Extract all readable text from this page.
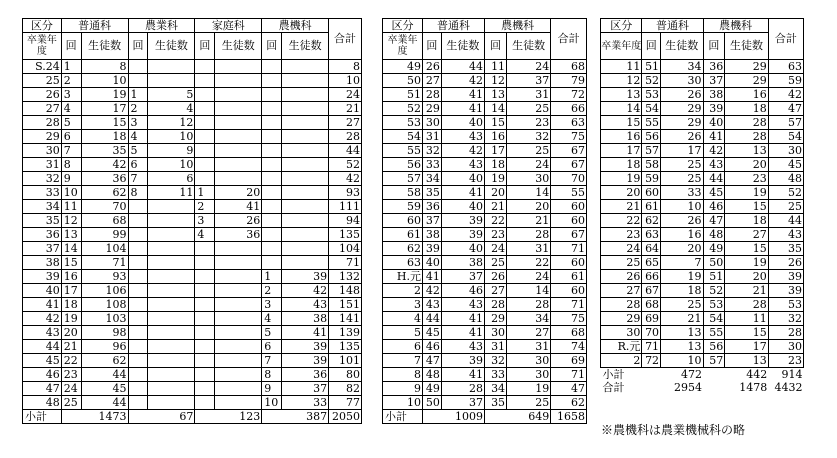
区分	普通科		農業科		家庭科		農機科		合計
卒業年度	回	生徒数	回	生徒数	回	生徒数	回	生徒数	
S.24	1	8							8
25	2	10							10
26	3	19	1	5					24
27	4	17	2	4					21
28	5	15	3	12					27
29	6	18	4	10					28
30	7	35	5	9					44
31	8	42	6	10					52
32	9	36	7	6					42
33	10	62	8	11	1	20			93
34	11	70			2	41			111
35	12	68			3	26			94
36	13	99			4	36			135
37	14	104							104
38	15	71							71
39	16	93					1	39	132
40	17	106					2	42	148
41	18	108					3	43	151
42	19	103					4	38	141
43	20	98					5	41	139
44	21	96					6	39	135
45	22	62					7	39	101
46	23	44					8	36	80
47	24	45					9	37	82
48	25	44					10	33	77
小計	1473		67		123		387		2050
区分	普通科		農機科		合計
卒業年度	回	生徒数	回	生徒数	
49	26	44	11	24	68
50	27	42	12	37	79
51	28	41	13	31	72
52	29	41	14	25	66
53	30	40	15	23	63
54	31	43	16	32	75
55	32	42	17	25	67
56	33	43	18	24	67
57	34	40	19	30	70
58	35	41	20	14	55
59	36	40	21	20	60
60	37	39	22	21	60
61	38	39	23	28	67
62	39	40	24	31	71
63	40	38	25	22	60
H.元	41	37	26	24	61
2	42	46	27	14	60
3	43	43	28	28	71
4	44	41	29	34	75
5	45	41	30	27	68
6	46	43	31	31	74
7	47	39	32	30	69
8	48	41	33	30	71
9	49	28	34	19	47
10	50	37	35	25	62
小計	1009		649		1658
区分	普通科		農機科		合計
卒業年度	回	生徒数	回	生徒数	
11	51	34	36	29	63
12	52	30	37	29	59
13	53	26	38	16	42
14	54	29	39	18	47
15	55	29	40	28	57
16	56	26	41	28	54
17	57	17	42	13	30
18	58	25	43	20	45
19	59	25	44	23	48
20	60	33	45	19	52
21	61	10	46	15	25
22	62	26	47	18	44
23	63	16	48	27	43
24	64	20	49	15	35
25	65	7	50	19	26
26	66	19	51	20	39
27	67	18	52	21	39
28	68	25	53	28	53
29	69	21	54	11	32
30	70	13	55	15	28
R.元	71	13	56	17	30
2	72	10	57	13	23
小計	472		442		914
合計	2954		1478		4432
※農機科は農業機械科の略
